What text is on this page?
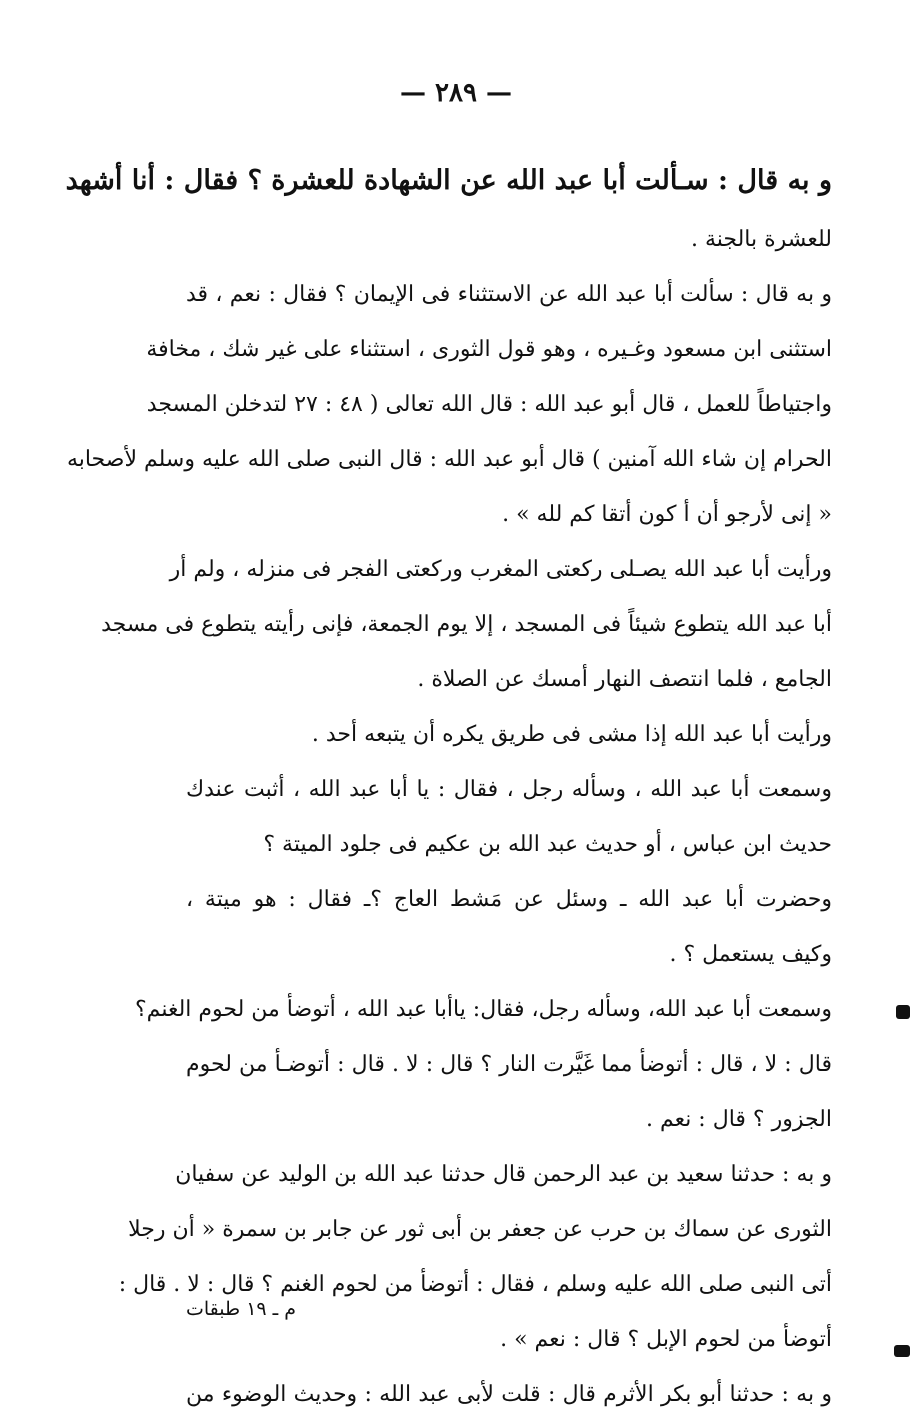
— ٢٨٩ —
و به قال : سـألت أبا عبد الله عن الشهادة للعشرة ؟ فقال : أنا أشهد
للعشرة بالجنة .
و به قال : سألت أبا عبد الله عن الاستثناء فى الإيمان ؟ فقال : نعم ، قد
استثنى ابن مسعود وغـيره ، وهو قول الثورى ، استثناء على غير شك ، مخافة
واجتياطاً للعمل ، قال أبو عبد الله : قال الله تعالى ( ٤٨ : ٢٧ لتدخلن المسجد
الحرام إن شاء الله آمنين ) قال أبو عبد الله : قال النبى صلى الله عليه وسلم لأصحابه
« إنى لأرجو أن أ كون أتقا كم لله » .
ورأيت أبا عبد الله يصـلى ركعتى المغرب وركعتى الفجر فى منزله ، ولم أر
أبا عبد الله يتطوع شيئاً فى المسجد ، إلا يوم الجمعة، فإنى رأيته يتطوع فى مسجد
الجامع ، فلما انتصف النهار أمسك عن الصلاة .
ورأيت أبا عبد الله إذا مشى فى طريق يكره أن يتبعه أحد .
وسمعت أبا عبد الله ، وسأله رجل ، فقال : يا أبا عبد الله ، أثبت عندك
حديث ابن عباس ، أو حديث عبد الله بن عكيم فى جلود الميتة ؟
وحضرت أبا عبد الله ـ وسئل عن مَشط العاج ؟ـ فقال : هو ميتة ،
وكيف يستعمل ؟ .
وسمعت أبا عبد الله، وسأله رجل، فقال: ياأبا عبد الله ، أتوضأ من لحوم الغنم؟
قال : لا ، قال : أتوضأ مما غَيَّرت النار ؟ قال : لا . قال : أتوضـأ من لحوم
الجزور ؟ قال : نعم .
و به : حدثنا سعيد بن عبد الرحمن قال حدثنا عبد الله بن الوليد عن سفيان
الثورى عن سماك بن حرب عن جعفر بن أبى ثور عن جابر بن سمرة « أن رجلا
أتى النبى صلى الله عليه وسلم ، فقال : أتوضأ من لحوم الغنم ؟ قال : لا . قال :
أتوضأ من لحوم الإبل ؟ قال : نعم » .
و به : حدثنا أبو بكر الأثرم قال : قلت لأبى عبد الله : وحديث الوضوء من
م ـ ١٩ طبقات
